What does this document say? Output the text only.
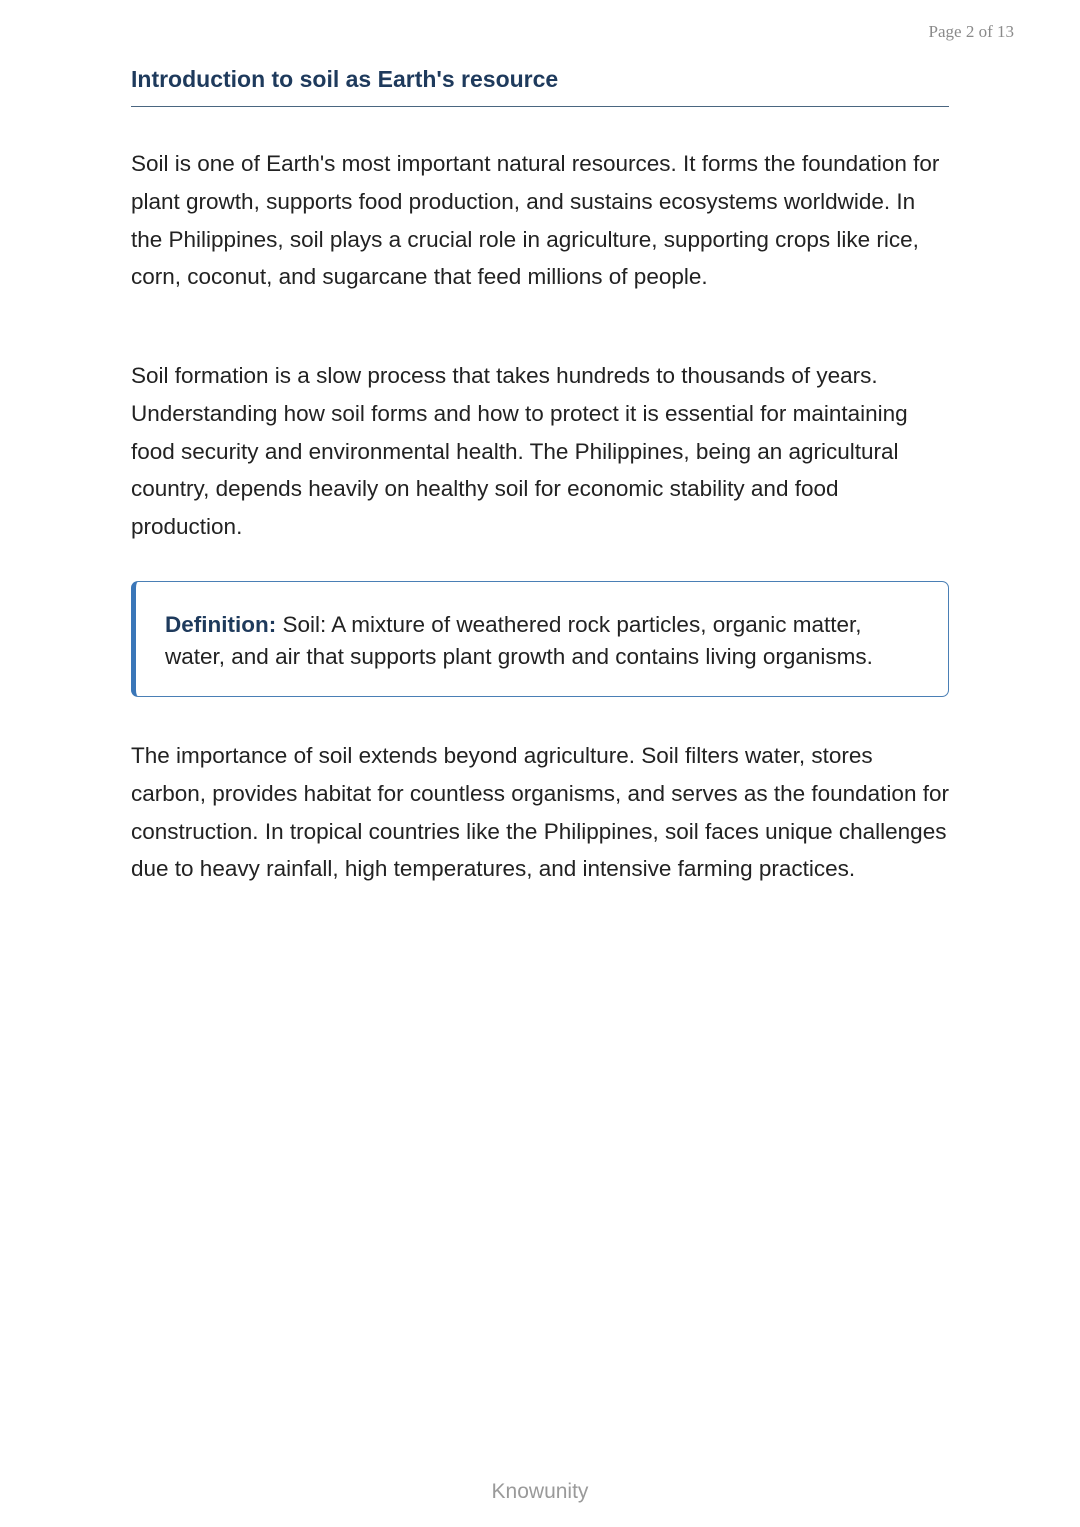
Page 2 of 13
Introduction to soil as Earth's resource

Soil is one of Earth's most important natural resources. It forms the foundation for plant growth, supports food production, and sustains ecosystems worldwide. In the Philippines, soil plays a crucial role in agriculture, supporting crops like rice, corn, coconut, and sugarcane that feed millions of people.

Soil formation is a slow process that takes hundreds to thousands of years. Understanding how soil forms and how to protect it is essential for maintaining food security and environmental health. The Philippines, being an agricultural country, depends heavily on healthy soil for economic stability and food production.

Definition: Soil: A mixture of weathered rock particles, organic matter, water, and air that supports plant growth and contains living organisms.

The importance of soil extends beyond agriculture. Soil filters water, stores carbon, provides habitat for countless organisms, and serves as the foundation for construction. In tropical countries like the Philippines, soil faces unique challenges due to heavy rainfall, high temperatures, and intensive farming practices.

Knowunity
